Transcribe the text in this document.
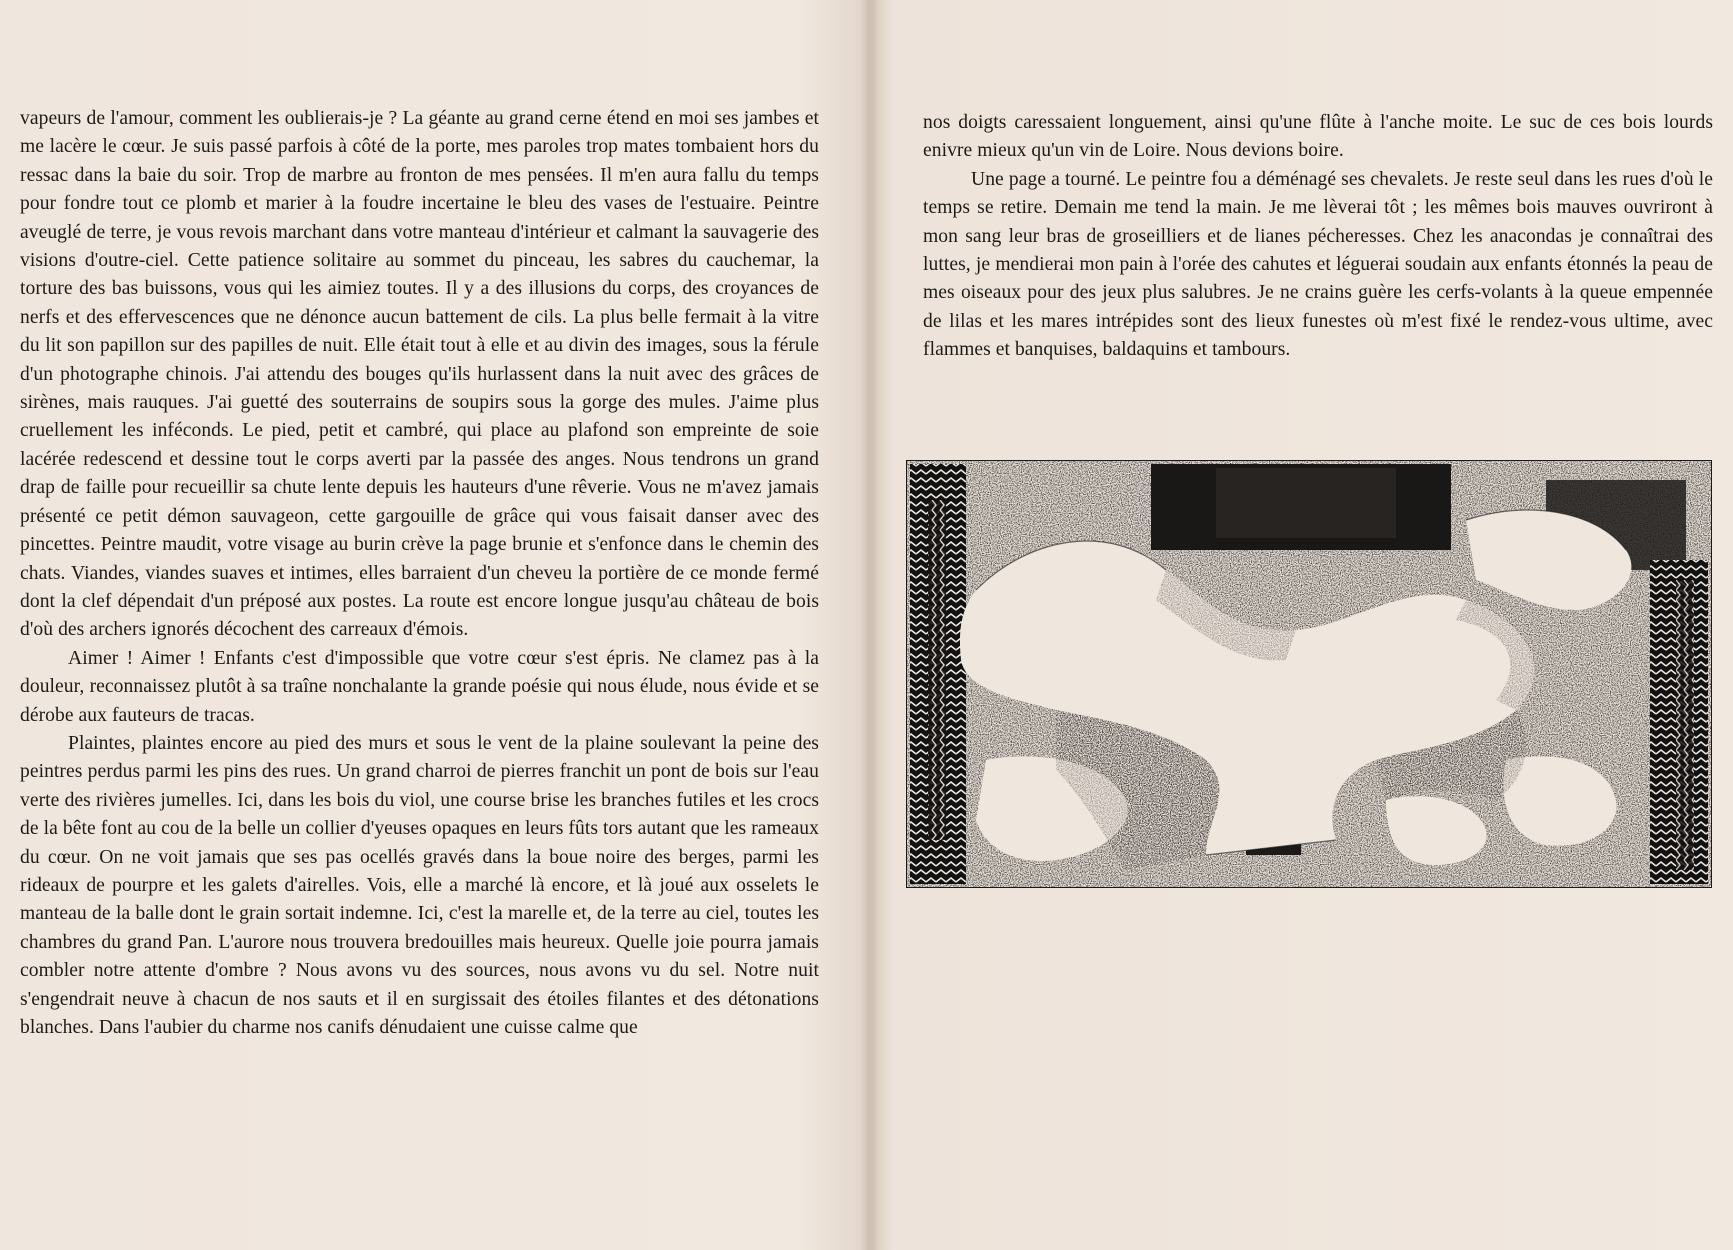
vapeurs de l'amour, comment les oublierais-je ? La géante au grand cerne étend en moi ses jambes et me lacère le cœur. Je suis passé parfois à côté de la porte, mes paroles trop mates tombaient hors du ressac dans la baie du soir. Trop de marbre au fronton de mes pensées. Il m'en aura fallu du temps pour fondre tout ce plomb et marier à la foudre incertaine le bleu des vases de l'estuaire. Peintre aveuglé de terre, je vous revois marchant dans votre manteau d'intérieur et calmant la sauvagerie des visions d'outre-ciel. Cette patience solitaire au sommet du pinceau, les sabres du cauchemar, la torture des bas buissons, vous qui les aimiez toutes. Il y a des illusions du corps, des croyances de nerfs et des effervescences que ne dénonce aucun battement de cils. La plus belle fermait à la vitre du lit son papillon sur des papilles de nuit. Elle était tout à elle et au divin des images, sous la férule d'un photographe chinois. J'ai attendu des bouges qu'ils hurlassent dans la nuit avec des grâces de sirènes, mais rauques. J'ai guetté des souterrains de soupirs sous la gorge des mules. J'aime plus cruellement les inféconds. Le pied, petit et cambré, qui place au plafond son empreinte de soie lacérée redescend et dessine tout le corps averti par la passée des anges. Nous tendrons un grand drap de faille pour recueillir sa chute lente depuis les hauteurs d'une rêverie. Vous ne m'avez jamais présenté ce petit démon sauvageon, cette gargouille de grâce qui vous faisait danser avec des pincettes. Peintre maudit, votre visage au burin crève la page brunie et s'enfonce dans le chemin des chats. Viandes, viandes suaves et intimes, elles barraient d'un cheveu la portière de ce monde fermé dont la clef dépendait d'un préposé aux postes. La route est encore longue jusqu'au château de bois d'où des archers ignorés décochent des carreaux d'émois.

Aimer ! Aimer ! Enfants c'est d'impossible que votre cœur s'est épris. Ne clamez pas à la douleur, reconnaissez plutôt à sa traîne nonchalante la grande poésie qui nous élude, nous évide et se dérobe aux fauteurs de tracas.

Plaintes, plaintes encore au pied des murs et sous le vent de la plaine soulevant la peine des peintres perdus parmi les pins des rues. Un grand charroi de pierres franchit un pont de bois sur l'eau verte des rivières jumelles. Ici, dans les bois du viol, une course brise les branches futiles et les crocs de la bête font au cou de la belle un collier d'yeuses opaques en leurs fûts tors autant que les rameaux du cœur. On ne voit jamais que ses pas ocellés gravés dans la boue noire des berges, parmi les rideaux de pourpre et les galets d'airelles. Vois, elle a marché là encore, et là joué aux osselets le manteau de la balle dont le grain sortait indemne. Ici, c'est la marelle et, de la terre au ciel, toutes les chambres du grand Pan. L'aurore nous trouvera bredouilles mais heureux. Quelle joie pourra jamais combler notre attente d'ombre ? Nous avons vu des sources, nous avons vu du sel. Notre nuit s'engendrait neuve à chacun de nos sauts et il en surgissait des étoiles filantes et des détonations blanches. Dans l'aubier du charme nos canifs dénudaient une cuisse calme que

nos doigts caressaient longuement, ainsi qu'une flûte à l'anche moite. Le suc de ces bois lourds enivre mieux qu'un vin de Loire. Nous devions boire.

Une page a tourné. Le peintre fou a déménagé ses chevalets. Je reste seul dans les rues d'où le temps se retire. Demain me tend la main. Je me lèverai tôt ; les mêmes bois mauves ouvriront à mon sang leur bras de groseilliers et de lianes pécheresses. Chez les anacondas je connaîtrai des luttes, je mendierai mon pain à l'orée des cahutes et léguerai soudain aux enfants étonnés la peau de mes oiseaux pour des jeux plus salubres. Je ne crains guère les cerfs-volants à la queue empennée de lilas et les mares intrépides sont des lieux funestes où m'est fixé le rendez-vous ultime, avec flammes et banquises, baldaquins et tambours.
